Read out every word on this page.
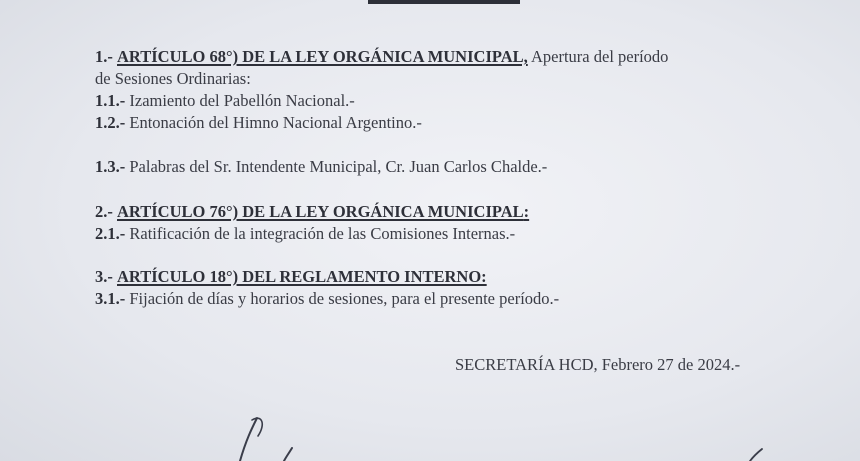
1.- ARTÍCULO 68°) DE LA LEY ORGÁNICA MUNICIPAL, Apertura del período
de Sesiones Ordinarias:
1.1.- Izamiento del Pabellón Nacional.-
1.2.- Entonación del Himno Nacional Argentino.-
1.3.- Palabras del Sr. Intendente Municipal, Cr. Juan Carlos Chalde.-
2.- ARTÍCULO 76°) DE LA LEY ORGÁNICA MUNICIPAL:
2.1.- Ratificación de la integración de las Comisiones Internas.-
3.- ARTÍCULO 18°) DEL REGLAMENTO INTERNO:
3.1.- Fijación de días y horarios de sesiones, para el presente período.-
SECRETARÍA HCD, Febrero 27 de 2024.-
